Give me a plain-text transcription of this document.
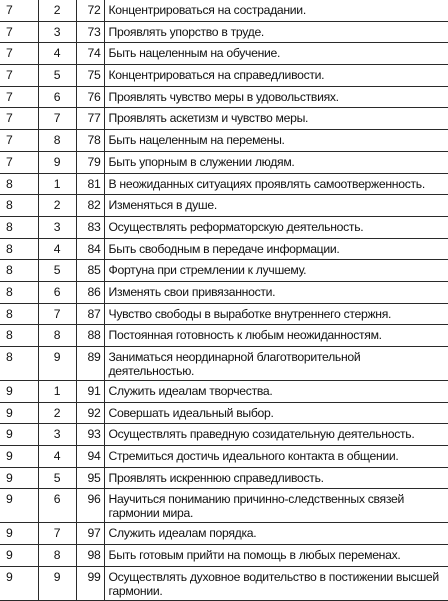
7	2	72	Концентрироваться на сострадании.
7	3	73	Проявлять упорство в труде.
7	4	74	Быть нацеленным на обучение.
7	5	75	Концентрироваться на справедливости.
7	6	76	Проявлять чувство меры в удовольствиях.
7	7	77	Проявлять аскетизм и чувство меры.
7	8	78	Быть нацеленным на перемены.
7	9	79	Быть упорным в служении людям.
8	1	81	В неожиданных ситуациях проявлять самоотверженность.
8	2	82	Изменяться в душе.
8	3	83	Осуществлять реформаторскую деятельность.
8	4	84	Быть свободным в передаче информации.
8	5	85	Фортуна при стремлении к лучшему.
8	6	86	Изменять свои привязанности.
8	7	87	Чувство свободы в выработке внутреннего стержня.
8	8	88	Постоянная готовность к любым неожиданностям.
8	9	89	Заниматься неординарной благотворительной деятельностью.
9	1	91	Служить идеалам творчества.
9	2	92	Совершать идеальный выбор.
9	3	93	Осуществлять праведную созидательную деятельность.
9	4	94	Стремиться достичь идеального контакта в общении.
9	5	95	Проявлять искреннюю справедливость.
9	6	96	Научиться пониманию причинно-следственных связей гармонии мира.
9	7	97	Служить идеалам порядка.
9	8	98	Быть готовым прийти на помощь в любых переменах.
9	9	99	Осуществлять духовное водительство в постижении высшей гармонии.
